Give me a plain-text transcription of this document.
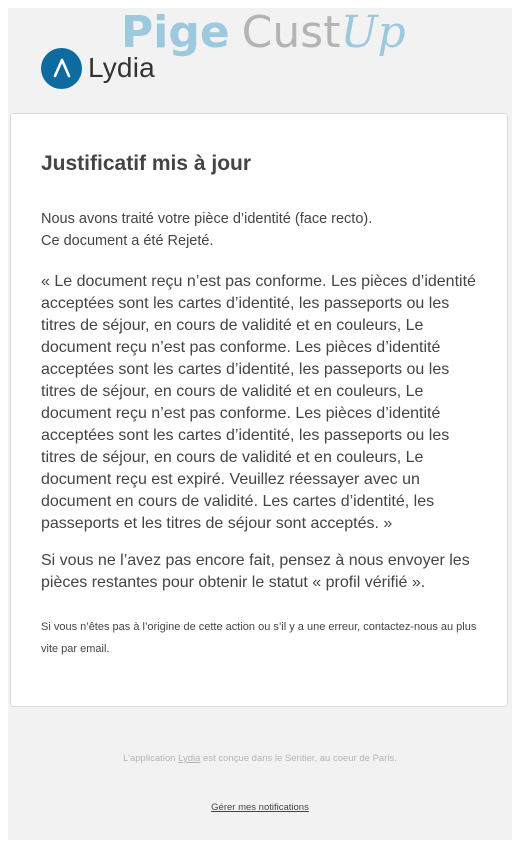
Pige CustUp
Lydia
Justificatif mis à jour
Nous avons traité votre pièce d’identité (face recto).
Ce document a été Rejeté.
« Le document reçu n’est pas conforme. Les pièces d’identité acceptées sont les cartes d’identité, les passeports ou les titres de séjour, en cours de validité et en couleurs, Le document reçu n’est pas conforme. Les pièces d’identité acceptées sont les cartes d’identité, les passeports ou les titres de séjour, en cours de validité et en couleurs, Le document reçu n’est pas conforme. Les pièces d’identité acceptées sont les cartes d’identité, les passeports ou les titres de séjour, en cours de validité et en couleurs, Le document reçu est expiré. Veuillez réessayer avec un document en cours de validité. Les cartes d’identité, les passeports et les titres de séjour sont acceptés. »
Si vous ne l’avez pas encore fait, pensez à nous envoyer les pièces restantes pour obtenir le statut « profil vérifié ».
Si vous n’êtes pas à l’origine de cette action ou s’il y a une erreur, contactez-nous au plus vite par email.
L’application Lydia est conçue dans le Sentier, au coeur de Paris.
Gérer mes notifications
